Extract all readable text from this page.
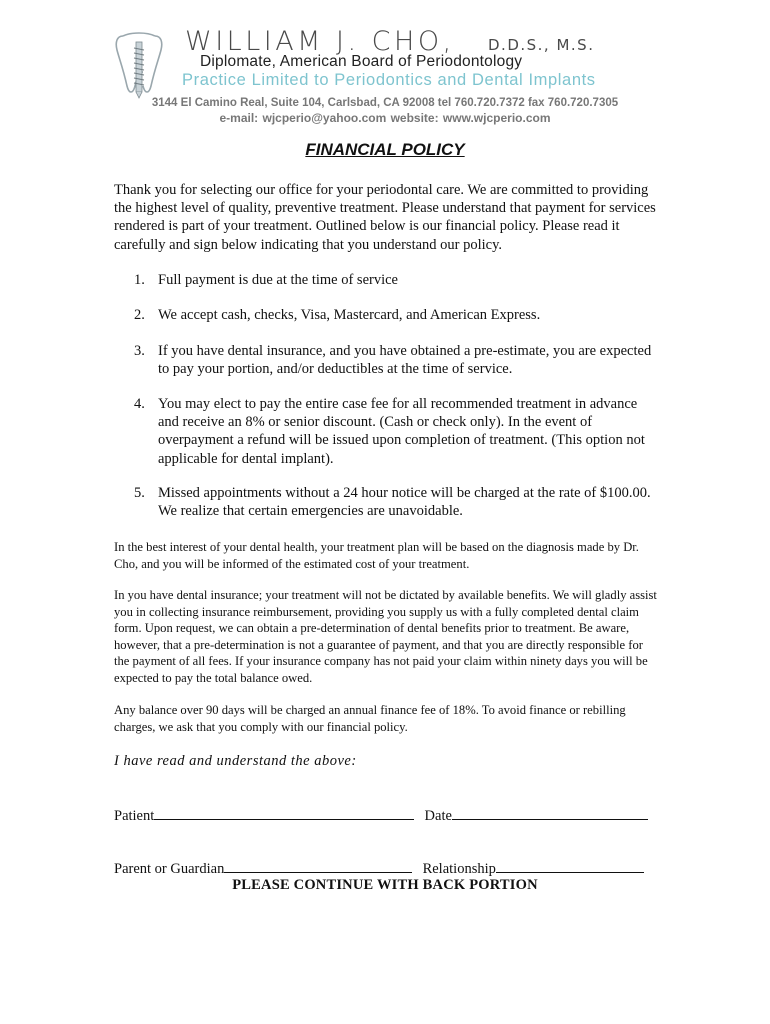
WILLIAM J. CHO, D.D.S., M.S.
Diplomate, American Board of Periodontology
Practice Limited to Periodontics and Dental Implants
3144 El Camino Real, Suite 104, Carlsbad, CA 92008 tel 760.720.7372 fax 760.720.7305
e-mail: wjcperio@yahoo.com website: www.wjcperio.com
FINANCIAL POLICY

Thank you for selecting our office for your periodontal care. We are committed to providing the highest level of quality, preventive treatment. Please understand that payment for services rendered is part of your treatment. Outlined below is our financial policy. Please read it carefully and sign below indicating that you understand our policy.

1. Full payment is due at the time of service
2. We accept cash, checks, Visa, Mastercard, and American Express.
3. If you have dental insurance, and you have obtained a pre-estimate, you are expected to pay your portion, and/or deductibles at the time of service.
4. You may elect to pay the entire case fee for all recommended treatment in advance and receive an 8% or senior discount. (Cash or check only). In the event of overpayment a refund will be issued upon completion of treatment. (This option not applicable for dental implant).
5. Missed appointments without a 24 hour notice will be charged at the rate of $100.00. We realize that certain emergencies are unavoidable.

In the best interest of your dental health, your treatment plan will be based on the diagnosis made by Dr. Cho, and you will be informed of the estimated cost of your treatment.

In you have dental insurance; your treatment will not be dictated by available benefits. We will gladly assist you in collecting insurance reimbursement, providing you supply us with a fully completed dental claim form. Upon request, we can obtain a pre-determination of dental benefits prior to treatment. Be aware, however, that a pre-determination is not a guarantee of payment, and that you are directly responsible for the payment of all fees. If your insurance company has not paid your claim within ninety days you will be expected to pay the total balance owed.

Any balance over 90 days will be charged an annual finance fee of 18%. To avoid finance or rebilling charges, we ask that you comply with our financial policy.

I have read and understand the above:
Patient	Date
Parent or Guardian	Relationship
PLEASE CONTINUE WITH BACK PORTION
